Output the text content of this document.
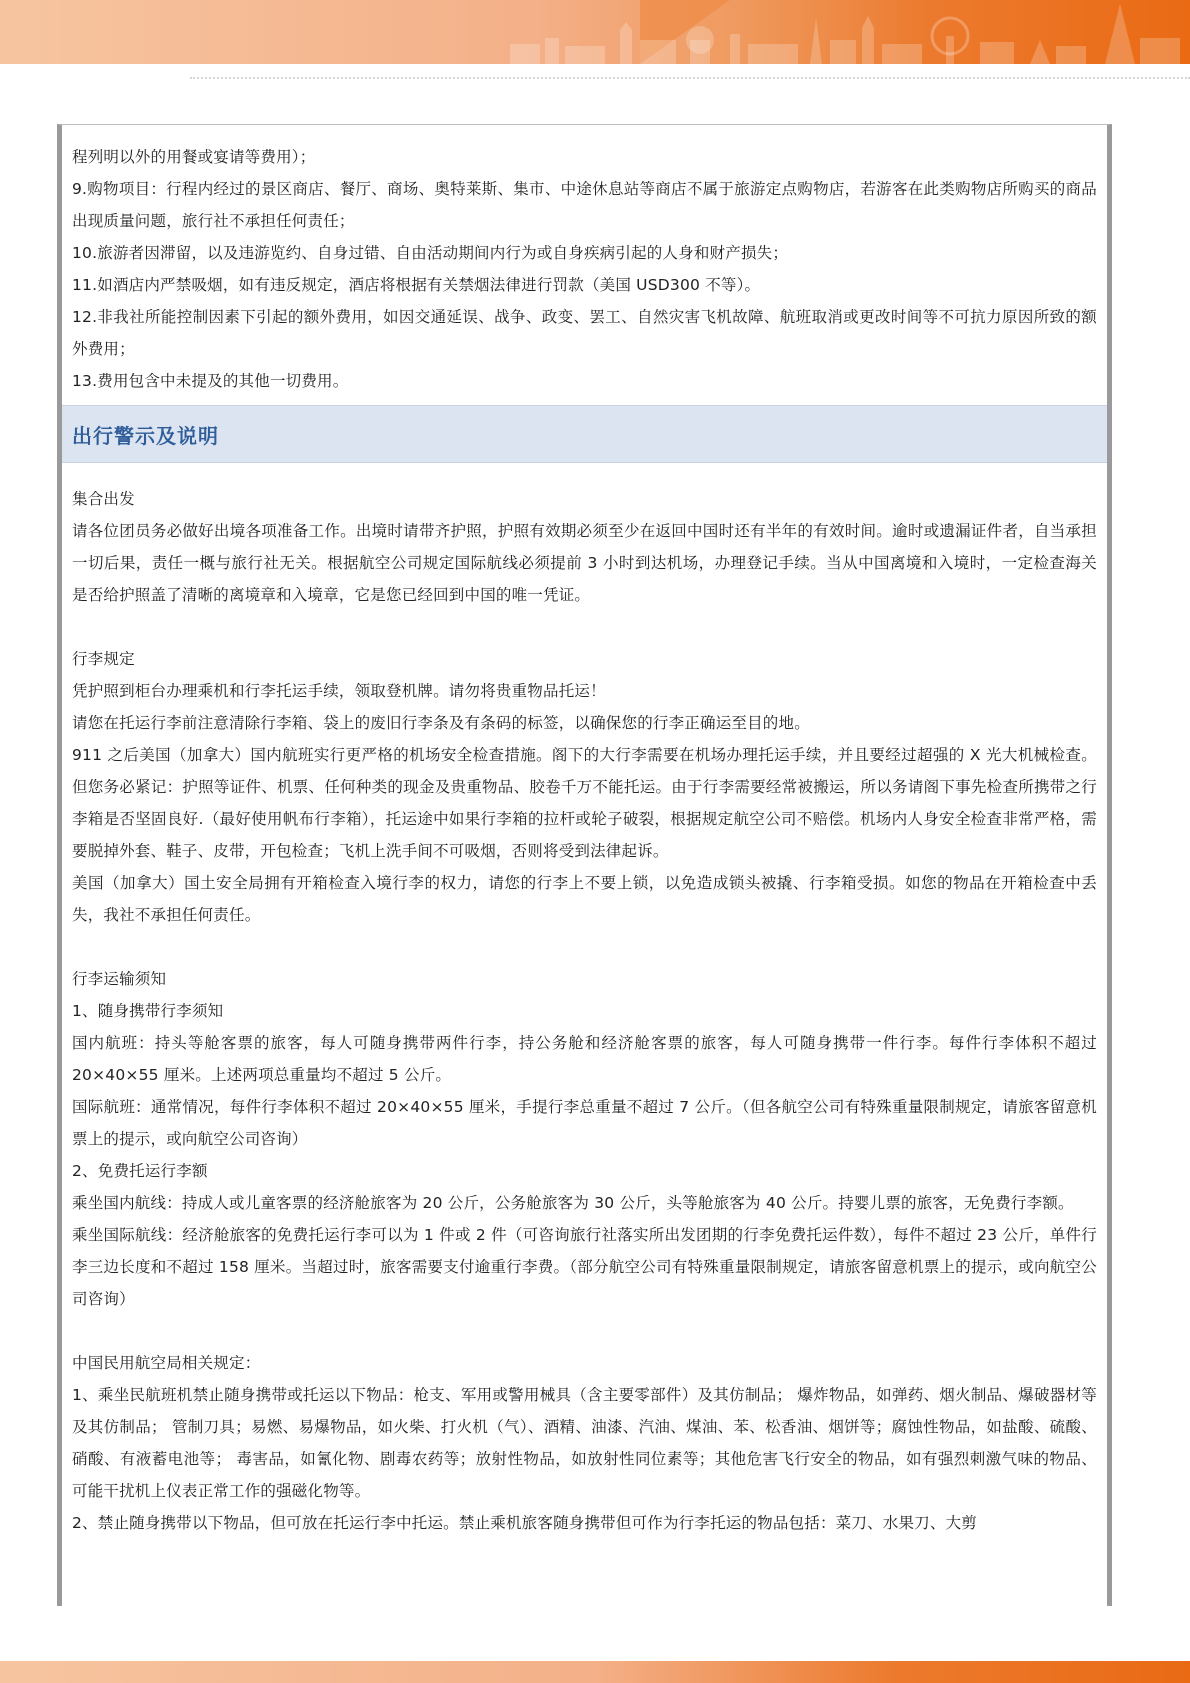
程列明以外的用餐或宴请等费用）；

9.购物项目：行程内经过的景区商店、餐厅、商场、奥特莱斯、集市、中途休息站等商店不属于旅游定点购物店，若游客在此类购物店所购买的商品出现质量问题，旅行社不承担任何责任；

10.旅游者因滞留，以及违游览约、自身过错、自由活动期间内行为或自身疾病引起的人身和财产损失；

11.如酒店内严禁吸烟，如有违反规定，酒店将根据有关禁烟法律进行罚款（美国 USD300 不等）。

12.非我社所能控制因素下引起的额外费用，如因交通延误、战争、政变、罢工、自然灾害飞机故障、航班取消或更改时间等不可抗力原因所致的额外费用；

13.费用包含中未提及的其他一切费用。

出行警示及说明

集合出发

请各位团员务必做好出境各项准备工作。出境时请带齐护照，护照有效期必须至少在返回中国时还有半年的有效时间。逾时或遗漏证件者，自当承担一切后果，责任一概与旅行社无关。根据航空公司规定国际航线必须提前 3 小时到达机场，办理登记手续。当从中国离境和入境时，一定检查海关是否给护照盖了清晰的离境章和入境章，它是您已经回到中国的唯一凭证。

行李规定

凭护照到柜台办理乘机和行李托运手续，领取登机牌。请勿将贵重物品托运！

请您在托运行李前注意清除行李箱、袋上的废旧行李条及有条码的标签，以确保您的行李正确运至目的地。

911 之后美国（加拿大）国内航班实行更严格的机场安全检查措施。阁下的大行李需要在机场办理托运手续，并且要经过超强的 X 光大机械检查。但您务必紧记：护照等证件、机票、任何种类的现金及贵重物品、胶卷千万不能托运。由于行李需要经常被搬运，所以务请阁下事先检查所携带之行李箱是否坚固良好.（最好使用帆布行李箱），托运途中如果行李箱的拉杆或轮子破裂，根据规定航空公司不赔偿。机场内人身安全检查非常严格，需要脱掉外套、鞋子、皮带，开包检查；飞机上洗手间不可吸烟，否则将受到法律起诉。

美国（加拿大）国土安全局拥有开箱检查入境行李的权力，请您的行李上不要上锁，以免造成锁头被撬、行李箱受损。如您的物品在开箱检查中丢失，我社不承担任何责任。

行李运输须知

1、随身携带行李须知

国内航班：持头等舱客票的旅客，每人可随身携带两件行李，持公务舱和经济舱客票的旅客，每人可随身携带一件行李。每件行李体积不超过 20×40×55 厘米。上述两项总重量均不超过 5 公斤。

国际航班：通常情况，每件行李体积不超过 20×40×55 厘米，手提行李总重量不超过 7 公斤。（但各航空公司有特殊重量限制规定，请旅客留意机票上的提示，或向航空公司咨询）

2、免费托运行李额

乘坐国内航线：持成人或儿童客票的经济舱旅客为 20 公斤，公务舱旅客为 30 公斤，头等舱旅客为 40 公斤。持婴儿票的旅客，无免费行李额。

乘坐国际航线：经济舱旅客的免费托运行李可以为 1 件或 2 件（可咨询旅行社落实所出发团期的行李免费托运件数），每件不超过 23 公斤，单件行李三边长度和不超过 158 厘米。当超过时，旅客需要支付逾重行李费。（部分航空公司有特殊重量限制规定，请旅客留意机票上的提示，或向航空公司咨询）

中国民用航空局相关规定：

1、乘坐民航班机禁止随身携带或托运以下物品：枪支、军用或警用械具（含主要零部件）及其仿制品； 爆炸物品，如弹药、烟火制品、爆破器材等及其仿制品； 管制刀具；易燃、易爆物品，如火柴、打火机（气）、酒精、油漆、汽油、煤油、苯、松香油、烟饼等；腐蚀性物品，如盐酸、硫酸、硝酸、有液蓄电池等； 毒害品，如氰化物、剧毒农药等；放射性物品，如放射性同位素等；其他危害飞行安全的物品，如有强烈刺激气味的物品、可能干扰机上仪表正常工作的强磁化物等。

2、禁止随身携带以下物品，但可放在托运行李中托运。禁止乘机旅客随身携带但可作为行李托运的物品包括：菜刀、水果刀、大剪
